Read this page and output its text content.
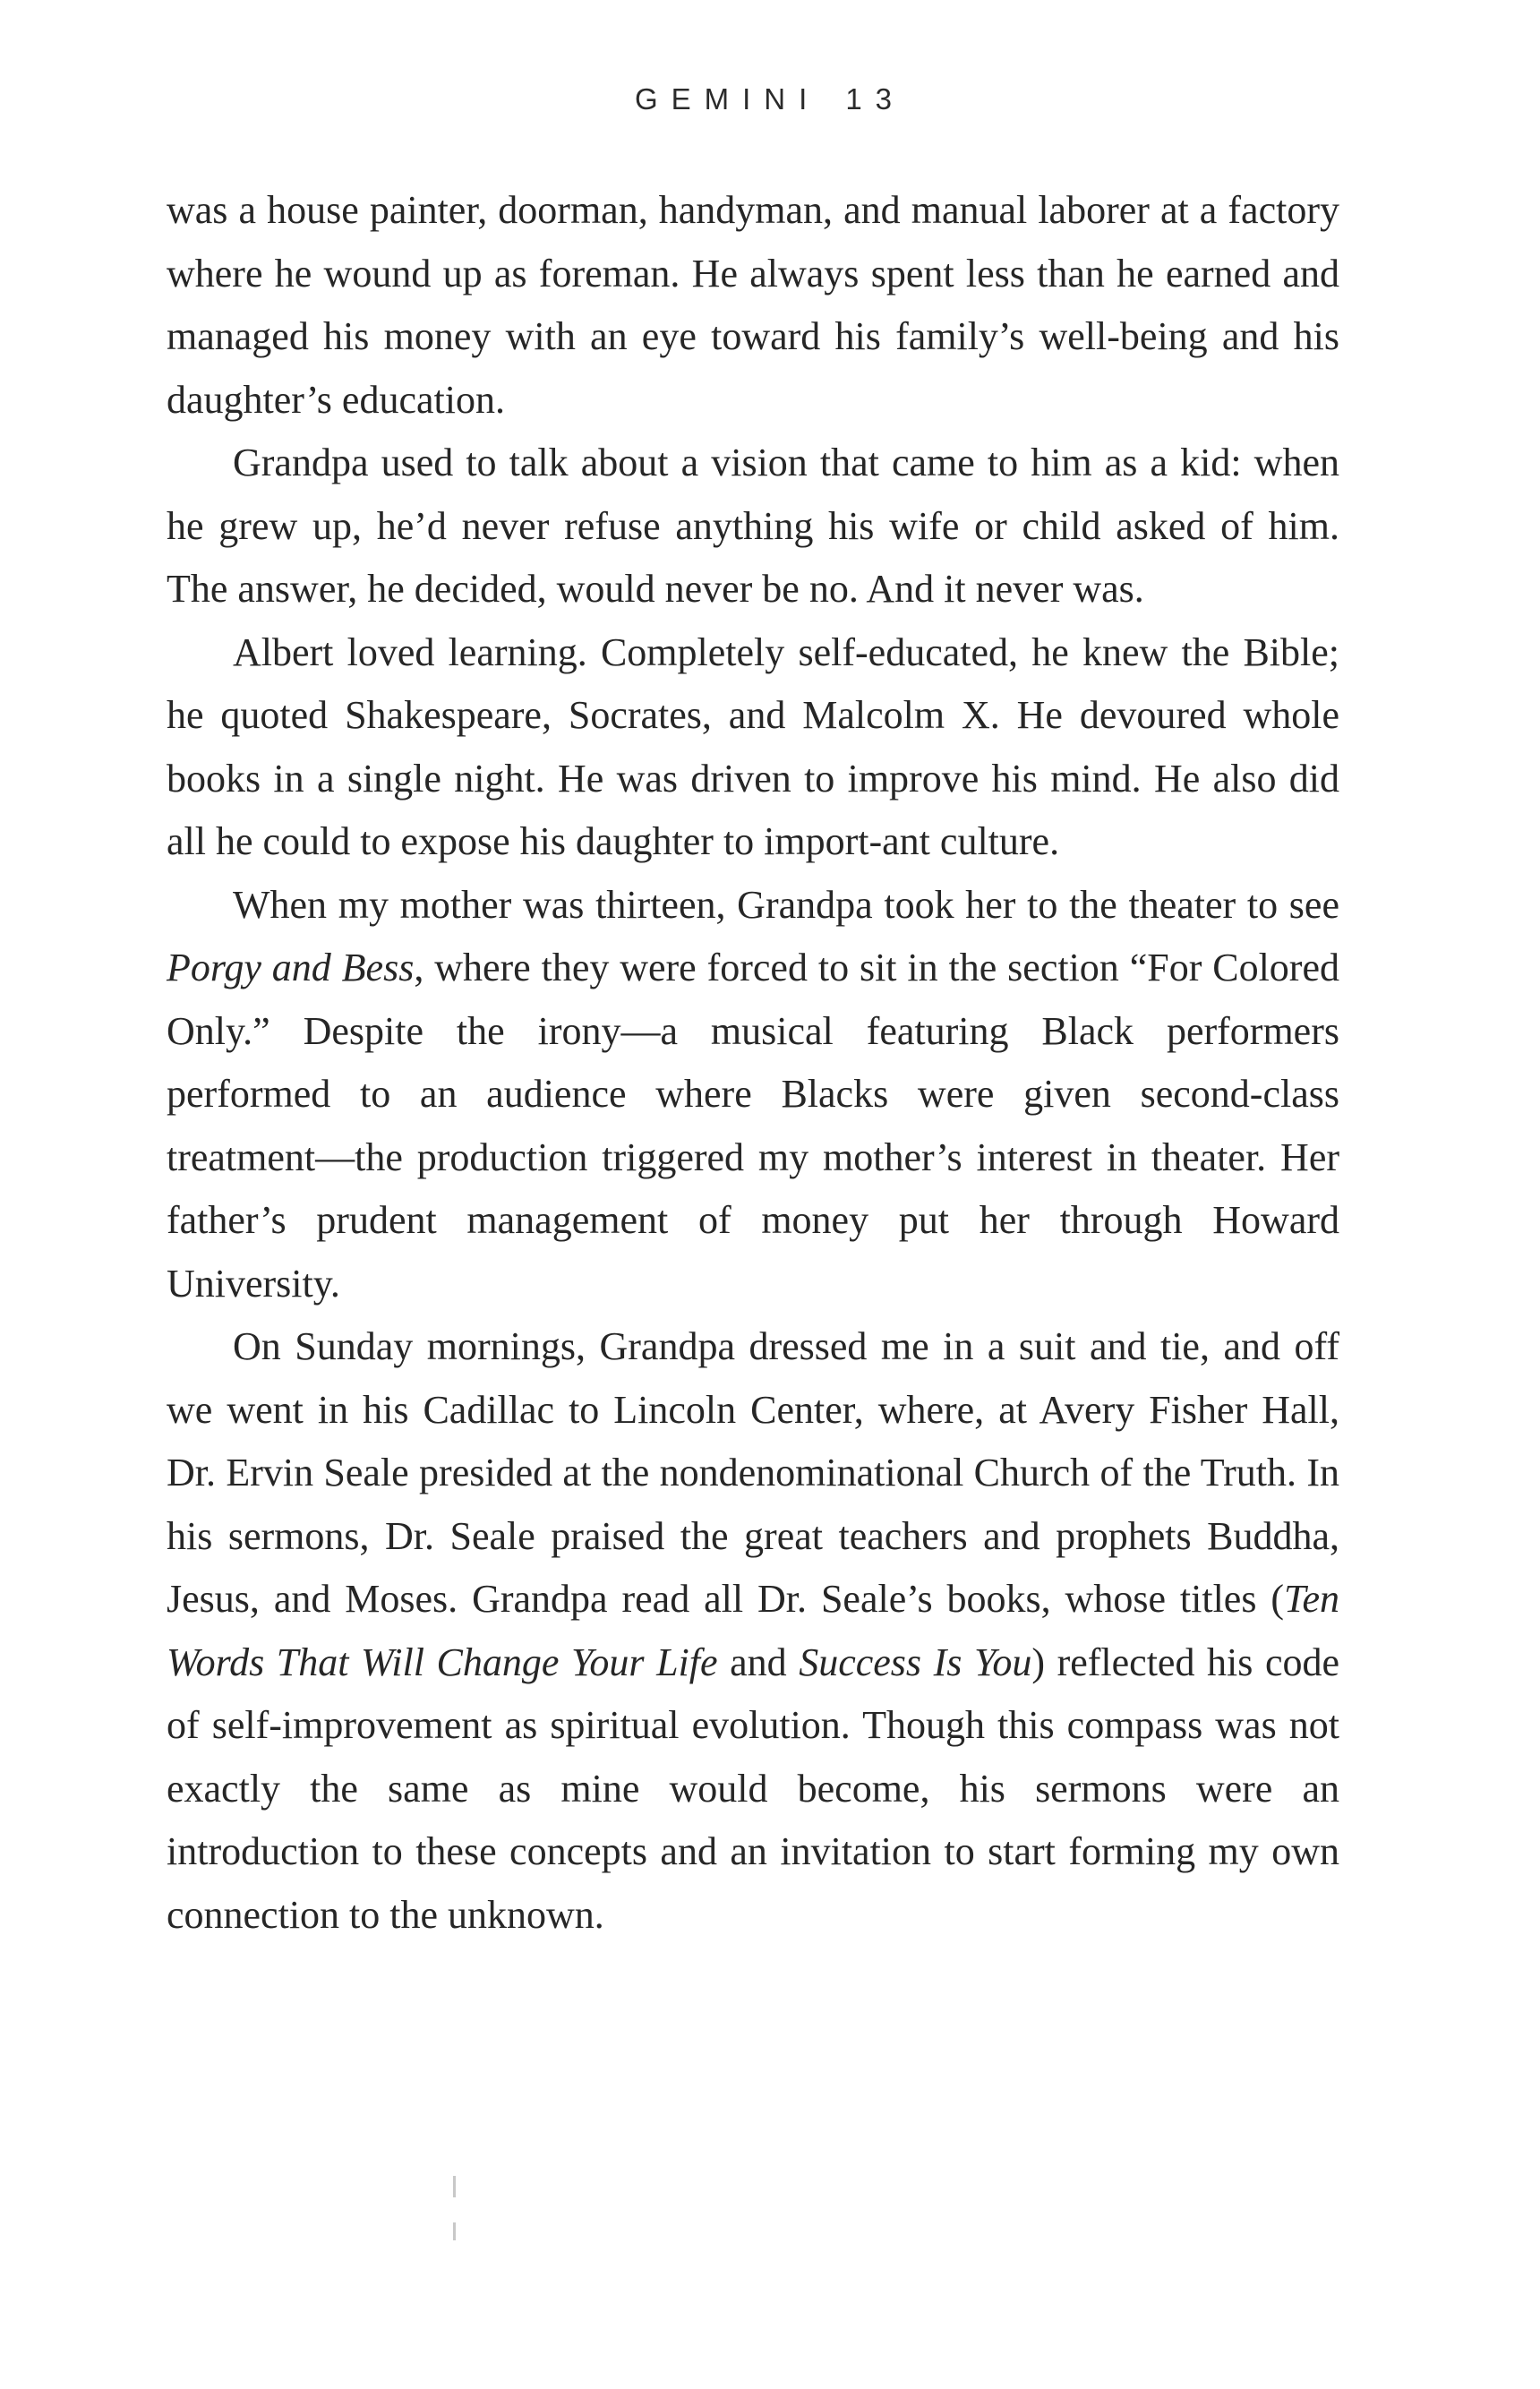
GEMINI 13

was a house painter, doorman, handyman, and manual laborer at a factory where he wound up as foreman. He always spent less than he earned and managed his money with an eye toward his family’s well-being and his daughter’s education.

Grandpa used to talk about a vision that came to him as a kid: when he grew up, he’d never refuse anything his wife or child asked of him. The answer, he decided, would never be no. And it never was.

Albert loved learning. Completely self-educated, he knew the Bible; he quoted Shakespeare, Socrates, and Malcolm X. He devoured whole books in a single night. He was driven to improve his mind. He also did all he could to expose his daughter to import-ant culture.

When my mother was thirteen, Grandpa took her to the theater to see Porgy and Bess, where they were forced to sit in the section “For Colored Only.” Despite the irony—a musical featuring Black performers performed to an audience where Blacks were given second-class treatment—the production triggered my mother’s interest in theater. Her father’s prudent management of money put her through Howard University.

On Sunday mornings, Grandpa dressed me in a suit and tie, and off we went in his Cadillac to Lincoln Center, where, at Avery Fisher Hall, Dr. Ervin Seale presided at the nondenominational Church of the Truth. In his sermons, Dr. Seale praised the great teachers and prophets Buddha, Jesus, and Moses. Grandpa read all Dr. Seale’s books, whose titles (Ten Words That Will Change Your Life and Success Is You) reflected his code of self-improvement as spiritual evolution. Though this compass was not exactly the same as mine would become, his sermons were an introduction to these concepts and an invitation to start forming my own connection to the unknown.
